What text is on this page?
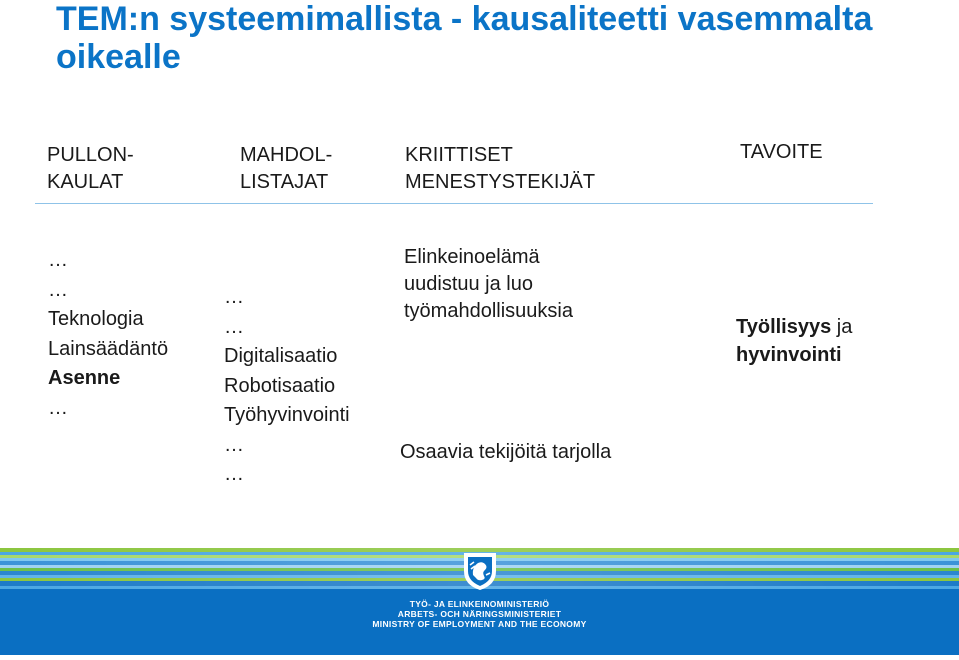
TEM:n systeemimallista - kausaliteetti vasemmalta oikealle
PULLON-
KAULAT
MAHDOL-
LISTAJAT
KRIITTISET
MENESTYSTEKIJÄT
TAVOITE
…
…
Teknologia
Lainsäädäntö
Asenne
…
…
…
Digitalisaatio
Robotisaatio
Työhyvinvointi
…
…
Elinkeinoelämä
uudistuu ja luo
työmahdollisuuksia
Osaavia tekijöitä tarjolla
Työllisyys ja
hyvinvointi
TYÖ- JA ELINKEINOMINISTERIÖ
ARBETS- OCH NÄRINGSMINISTERIET
MINISTRY OF EMPLOYMENT AND THE ECONOMY
